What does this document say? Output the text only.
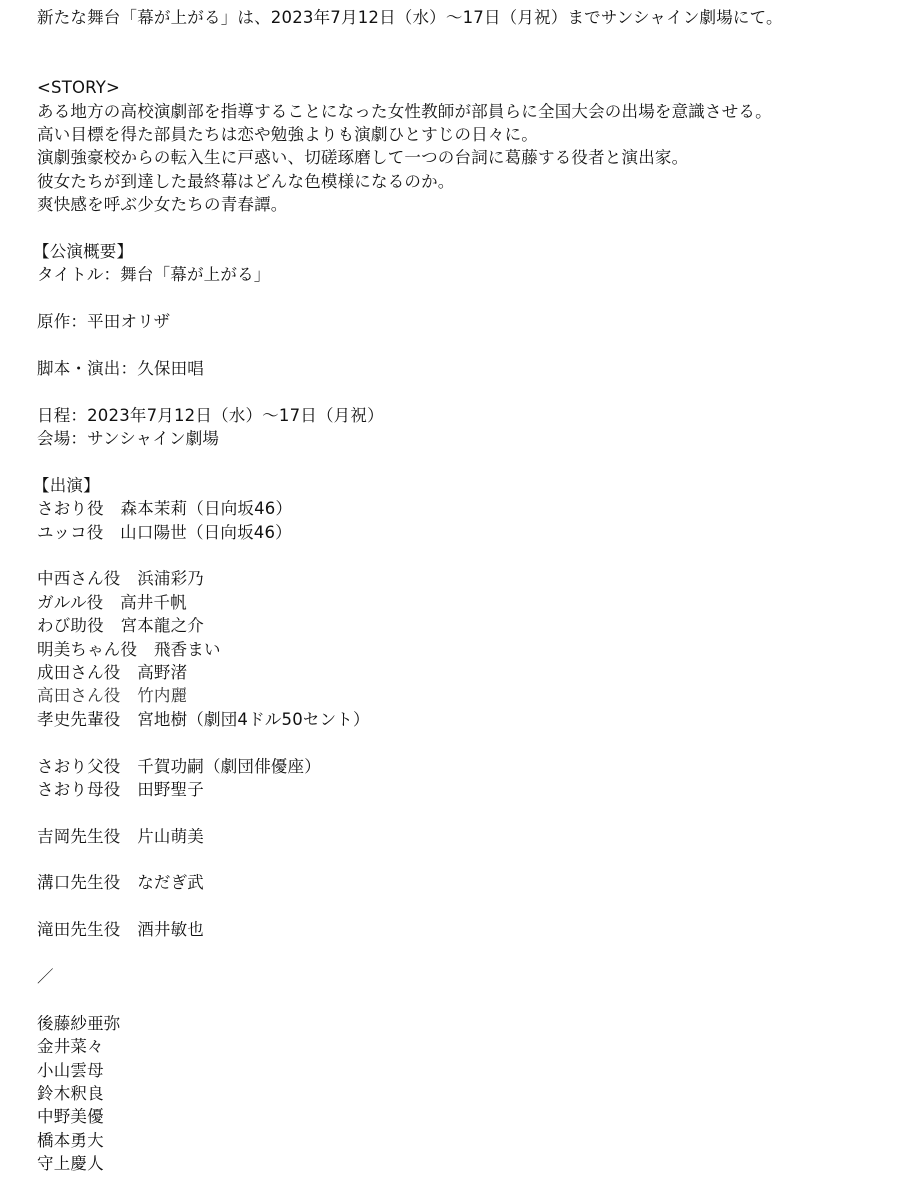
新たな舞台「幕が上がる」は、2023年7月12日（水）〜17日（月祝）までサンシャイン劇場にて。
<STORY>
ある地方の高校演劇部を指導することになった女性教師が部員らに全国大会の出場を意識させる。
高い目標を得た部員たちは恋や勉強よりも演劇ひとすじの日々に。
演劇強豪校からの転入生に戸惑い、切磋琢磨して一つの台詞に葛藤する役者と演出家。
彼女たちが到達した最終幕はどんな色模様になるのか。
爽快感を呼ぶ少女たちの青春譚。
【公演概要】
タイトル：舞台「幕が上がる」
原作：平田オリザ
脚本・演出：久保田唱
日程：2023年7月12日（水）〜17日（月祝）
会場：サンシャイン劇場
【出演】
さおり役　森本茉莉（日向坂46）
ユッコ役　山口陽世（日向坂46）
中西さん役　浜浦彩乃
ガルル役　高井千帆
わび助役　宮本龍之介
明美ちゃん役　飛香まい
成田さん役　高野渚
高田さん役　竹内麗
孝史先輩役　宮地樹（劇団4ドル50セント）
さおり父役　千賀功嗣（劇団俳優座）
さおり母役　田野聖子
吉岡先生役　片山萌美
溝口先生役　なだぎ武
滝田先生役　酒井敏也
／
後藤紗亜弥
金井菜々
小山雲母
鈴木釈良
中野美優
橋本勇大
守上慶人
